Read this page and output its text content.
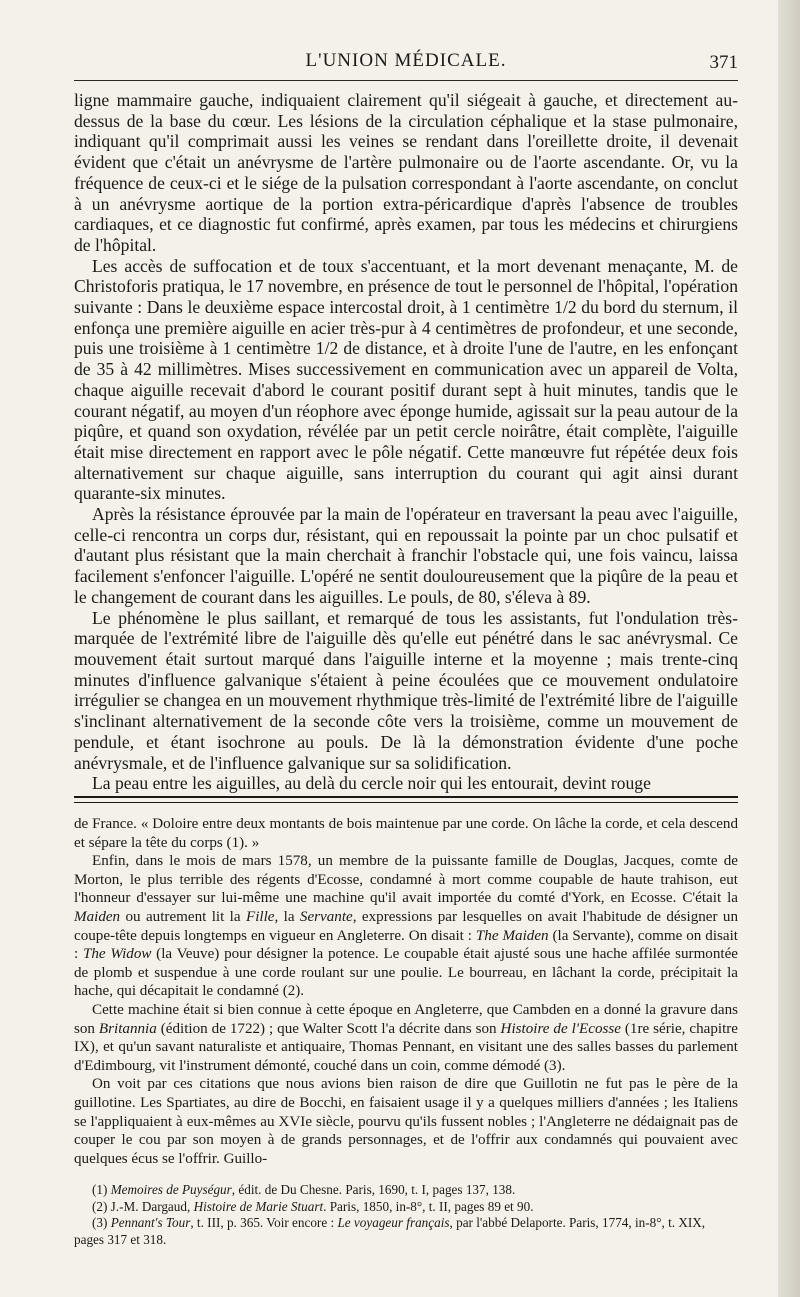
L'UNION MÉDICALE.	371

ligne mammaire gauche, indiquaient clairement qu'il siégeait à gauche, et directement au-dessus de la base du cœur. Les lésions de la circulation céphalique et la stase pulmonaire, indiquant qu'il comprimait aussi les veines se rendant dans l'oreillette droite, il devenait évident que c'était un anévrysme de l'artère pulmonaire ou de l'aorte ascendante. Or, vu la fréquence de ceux-ci et le siége de la pulsation correspondant à l'aorte ascendante, on conclut à un anévrysme aortique de la portion extra-péricardique d'après l'absence de troubles cardiaques, et ce diagnostic fut confirmé, après examen, par tous les médecins et chirurgiens de l'hôpital.

Les accès de suffocation et de toux s'accentuant, et la mort devenant menaçante, M. de Christoforis pratiqua, le 17 novembre, en présence de tout le personnel de l'hôpital, l'opération suivante : Dans le deuxième espace intercostal droit, à 1 centimètre 1/2 du bord du sternum, il enfonça une première aiguille en acier très-pur à 4 centimètres de profondeur, et une seconde, puis une troisième à 1 centimètre 1/2 de distance, et à droite l'une de l'autre, en les enfonçant de 35 à 42 millimètres. Mises successivement en communication avec un appareil de Volta, chaque aiguille recevait d'abord le courant positif durant sept à huit minutes, tandis que le courant négatif, au moyen d'un réophore avec éponge humide, agissait sur la peau autour de la piqûre, et quand son oxydation, révélée par un petit cercle noirâtre, était complète, l'aiguille était mise directement en rapport avec le pôle négatif. Cette manœuvre fut répétée deux fois alternativement sur chaque aiguille, sans interruption du courant qui agit ainsi durant quarante-six minutes.

Après la résistance éprouvée par la main de l'opérateur en traversant la peau avec l'aiguille, celle-ci rencontra un corps dur, résistant, qui en repoussait la pointe par un choc pulsatif et d'autant plus résistant que la main cherchait à franchir l'obstacle qui, une fois vaincu, laissa facilement s'enfoncer l'aiguille. L'opéré ne sentit douloureusement que la piqûre de la peau et le changement de courant dans les aiguilles. Le pouls, de 80, s'éleva à 89.

Le phénomène le plus saillant, et remarqué de tous les assistants, fut l'ondulation très-marquée de l'extrémité libre de l'aiguille dès qu'elle eut pénétré dans le sac anévrysmal. Ce mouvement était surtout marqué dans l'aiguille interne et la moyenne ; mais trente-cinq minutes d'influence galvanique s'étaient à peine écoulées que ce mouvement ondulatoire irrégulier se changea en un mouvement rhythmique très-limité de l'extrémité libre de l'aiguille s'inclinant alternativement de la seconde côte vers la troisième, comme un mouvement de pendule, et étant isochrone au pouls. De là la démonstration évidente d'une poche anévrysmale, et de l'influence galvanique sur sa solidification.

La peau entre les aiguilles, au delà du cercle noir qui les entourait, devint rouge

de France. « Doloire entre deux montants de bois maintenue par une corde. On lâche la corde, et cela descend et sépare la tête du corps (1). »

Enfin, dans le mois de mars 1578, un membre de la puissante famille de Douglas, Jacques, comte de Morton, le plus terrible des régents d'Ecosse, condamné à mort comme coupable de haute trahison, eut l'honneur d'essayer sur lui-même une machine qu'il avait importée du comté d'York, en Ecosse. C'était la Maiden ou autrement lit la Fille, la Servante, expressions par lesquelles on avait l'habitude de désigner un coupe-tête depuis longtemps en vigueur en Angleterre. On disait : The Maiden (la Servante), comme on disait : The Widow (la Veuve) pour désigner la potence. Le coupable était ajusté sous une hache affilée surmontée de plomb et suspendue à une corde roulant sur une poulie. Le bourreau, en lâchant la corde, précipitait la hache, qui décapitait le condamné (2).

Cette machine était si bien connue à cette époque en Angleterre, que Cambden en a donné la gravure dans son Britannia (édition de 1722) ; que Walter Scott l'a décrite dans son Histoire de l'Ecosse (1re série, chapitre IX), et qu'un savant naturaliste et antiquaire, Thomas Pennant, en visitant une des salles basses du parlement d'Edimbourg, vit l'instrument démonté, couché dans un coin, comme démodé (3).

On voit par ces citations que nous avions bien raison de dire que Guillotin ne fut pas le père de la guillotine. Les Spartiates, au dire de Bocchi, en faisaient usage il y a quelques milliers d'années ; les Italiens se l'appliquaient à eux-mêmes au XVIe siècle, pourvu qu'ils fussent nobles ; l'Angleterre ne dédaignait pas de couper le cou par son moyen à de grands personnages, et de l'offrir aux condamnés qui pouvaient avec quelques écus se l'offrir. Guillo-

(1) Memoires de Puységur, édit. de Du Chesne. Paris, 1690, t. I, pages 137, 138.
(2) J.-M. Dargaud, Histoire de Marie Stuart. Paris, 1850, in-8°, t. II, pages 89 et 90.
(3) Pennant's Tour, t. III, p. 365. Voir encore : Le voyageur français, par l'abbé Delaporte. Paris, 1774, in-8°, t. XIX, pages 317 et 318.
